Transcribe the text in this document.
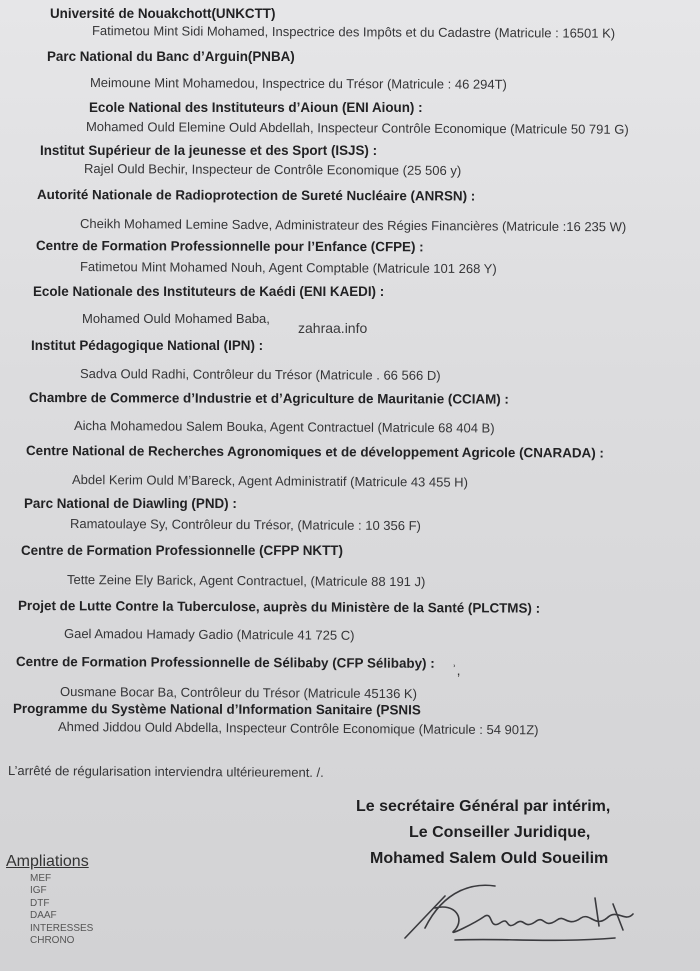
Université de Nouakchott(UNKCTT)
Fatimetou Mint Sidi Mohamed, Inspectrice des Impôts et du Cadastre (Matricule : 16501 K)
Parc National du Banc d’Arguin(PNBA)
Meimoune Mint Mohamedou, Inspectrice du Trésor (Matricule : 46 294T)
Ecole National des Instituteurs d’Aioun (ENI Aioun) :
Mohamed Ould Elemine Ould Abdellah, Inspecteur Contrôle Economique (Matricule 50 791 G)
Institut Supérieur de la jeunesse et des Sport (ISJS) :
Rajel Ould Bechir, Inspecteur de Contrôle Economique (25 506 y)
Autorité Nationale de Radioprotection de Sureté Nucléaire (ANRSN) :
Cheikh Mohamed Lemine Sadve, Administrateur des Régies Financières (Matricule :16 235 W)
Centre de Formation Professionnelle pour l’Enfance (CFPE) :
Fatimetou Mint Mohamed Nouh, Agent Comptable (Matricule 101 268 Y)
Ecole Nationale des Instituteurs de Kaédi (ENI KAEDI) :
Mohamed Ould Mohamed Baba,
zahraa.info
Institut Pédagogique National (IPN) :
Sadva Ould Radhi, Contrôleur du Trésor (Matricule . 66 566 D)
Chambre de Commerce d’Industrie et d’Agriculture de Mauritanie (CCIAM) :
Aicha Mohamedou Salem Bouka, Agent Contractuel (Matricule 68 404 B)
Centre National de Recherches Agronomiques et de développement Agricole (CNARADA) :
Abdel Kerim Ould M’Bareck, Agent Administratif (Matricule 43 455 H)
Parc National de Diawling (PND) :
Ramatoulaye Sy, Contrôleur du Trésor, (Matricule : 10 356 F)
Centre de Formation Professionnelle (CFPP NKTT)
Tette Zeine Ely Barick, Agent Contractuel, (Matricule 88 191 J)
Projet de Lutte Contre la Tuberculose, auprès du Ministère de la Santé (PLCTMS) :
Gael Amadou Hamady Gadio (Matricule 41 725 C)
Centre de Formation Professionnelle de Sélibaby (CFP Sélibaby) : ʾ,
Ousmane Bocar Ba, Contrôleur du Trésor (Matricule 45136 K)
Programme du Système National d’Information Sanitaire (PSNIS
Ahmed Jiddou Ould Abdella, Inspecteur Contrôle Economique (Matricule : 54 901Z)
L’arrêté de régularisation interviendra ultérieurement. /.
Le secrétaire Général par intérim,
Le Conseiller Juridique,
Mohamed Salem Ould Soueilim
Ampliations
MEF
IGF
DTF
DAAF
INTERESSES
CHRONO
